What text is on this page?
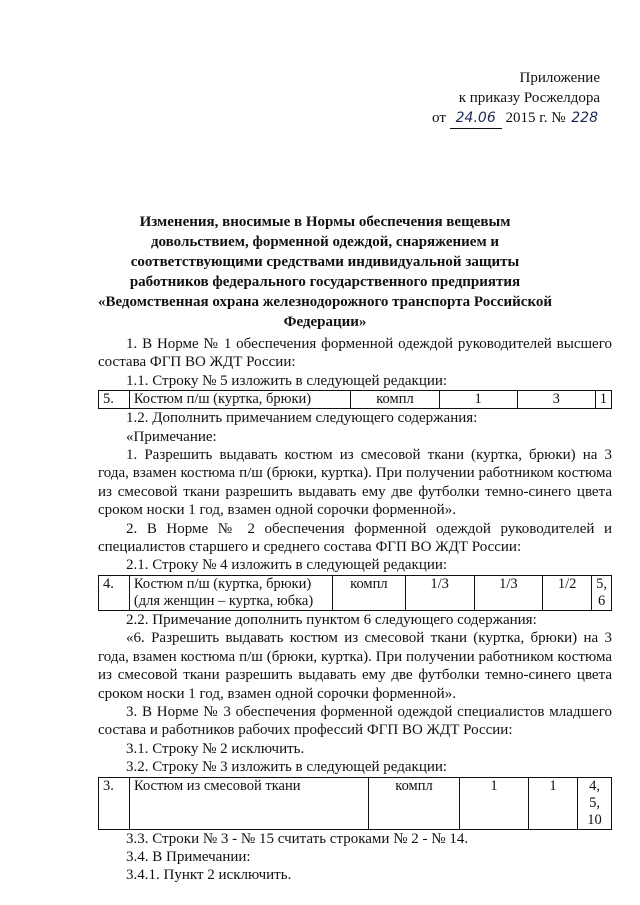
Приложение
к приказу Росжелдора
от 24.06 2015 г. № 228
Изменения, вносимые в Нормы обеспечения вещевым довольствием, форменной одеждой, снаряжением и соответствующими средствами индивидуальной защиты работников федерального государственного предприятия «Ведомственная охрана железнодорожного транспорта Российской Федерации»

1. В Норме № 1 обеспечения форменной одеждой руководителей высшего состава ФГП ВО ЖДТ России:

1.1. Строку № 5 изложить в следующей редакции:

5.	Костюм п/ш (куртка, брюки)	компл	1	3	1

1.2. Дополнить примечанием следующего содержания:

«Примечание:

1. Разрешить выдавать костюм из смесовой ткани (куртка, брюки) на 3 года, взамен костюма п/ш (брюки, куртка). При получении работником костюма из смесовой ткани разрешить выдавать ему две футболки темно-синего цвета сроком носки 1 год, взамен одной сорочки форменной».

2. В Норме № 2 обеспечения форменной одеждой руководителей и специалистов старшего и среднего состава ФГП ВО ЖДТ России:

2.1. Строку № 4 изложить в следующей редакции:

4.	Костюм п/ш (куртка, брюки)
(для женщин – куртка, юбка)
	компл	1/3	1/3	1/2	5, 6

2.2. Примечание дополнить пунктом 6 следующего содержания:

«6. Разрешить выдавать костюм из смесовой ткани (куртка, брюки) на 3 года, взамен костюма п/ш (брюки, куртка). При получении работником костюма из смесовой ткани разрешить выдавать ему две футболки темно-синего цвета сроком носки 1 год, взамен одной сорочки форменной».

3. В Норме № 3 обеспечения форменной одеждой специалистов младшего состава и работников рабочих профессий ФГП ВО ЖДТ России:

3.1. Строку № 2 исключить.

3.2. Строку № 3 изложить в следующей редакции:

3.	Костюм из смесовой ткани	компл	1	1	4, 5, 10

3.3. Строки № 3 - № 15 считать строками № 2 - № 14.

3.4. В Примечании:

3.4.1. Пункт 2 исключить.
